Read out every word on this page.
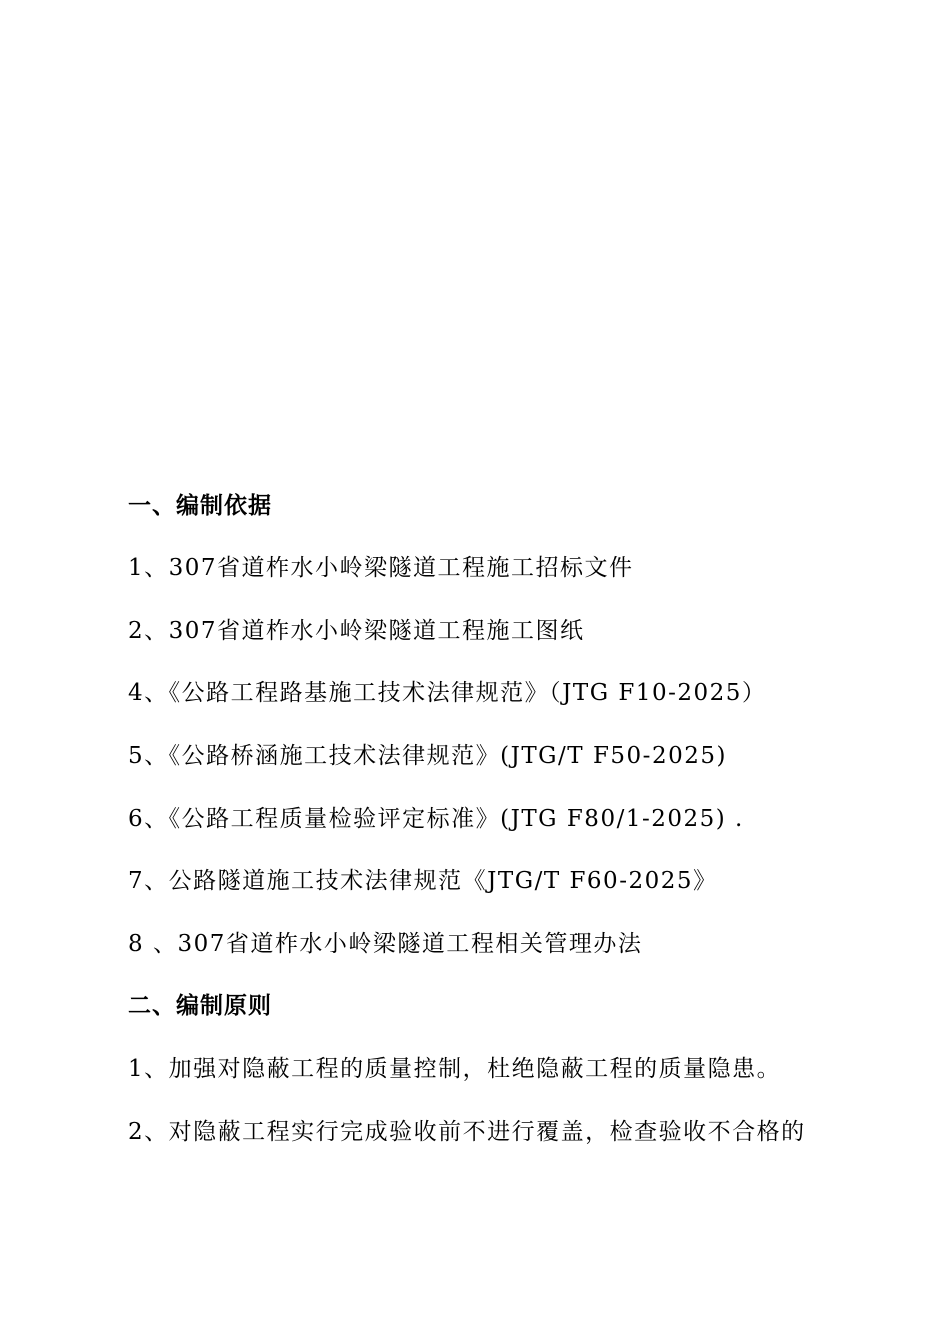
一、编制依据
1、307省道柞水小岭梁隧道工程施工招标文件
2、307省道柞水小岭梁隧道工程施工图纸
4、《公路工程路基施工技术法律规范》（JTG F10-2025）
5、《公路桥涵施工技术法律规范》(JTG/T F50-2025)
6、《公路工程质量检验评定标准》(JTG F80/1-2025) .
7、公路隧道施工技术法律规范《JTG/T F60-2025》
8 、307省道柞水小岭梁隧道工程相关管理办法
二、编制原则
1、加强对隐蔽工程的质量控制，杜绝隐蔽工程的质量隐患。
2、对隐蔽工程实行完成验收前不进行覆盖，检查验收不合格的
